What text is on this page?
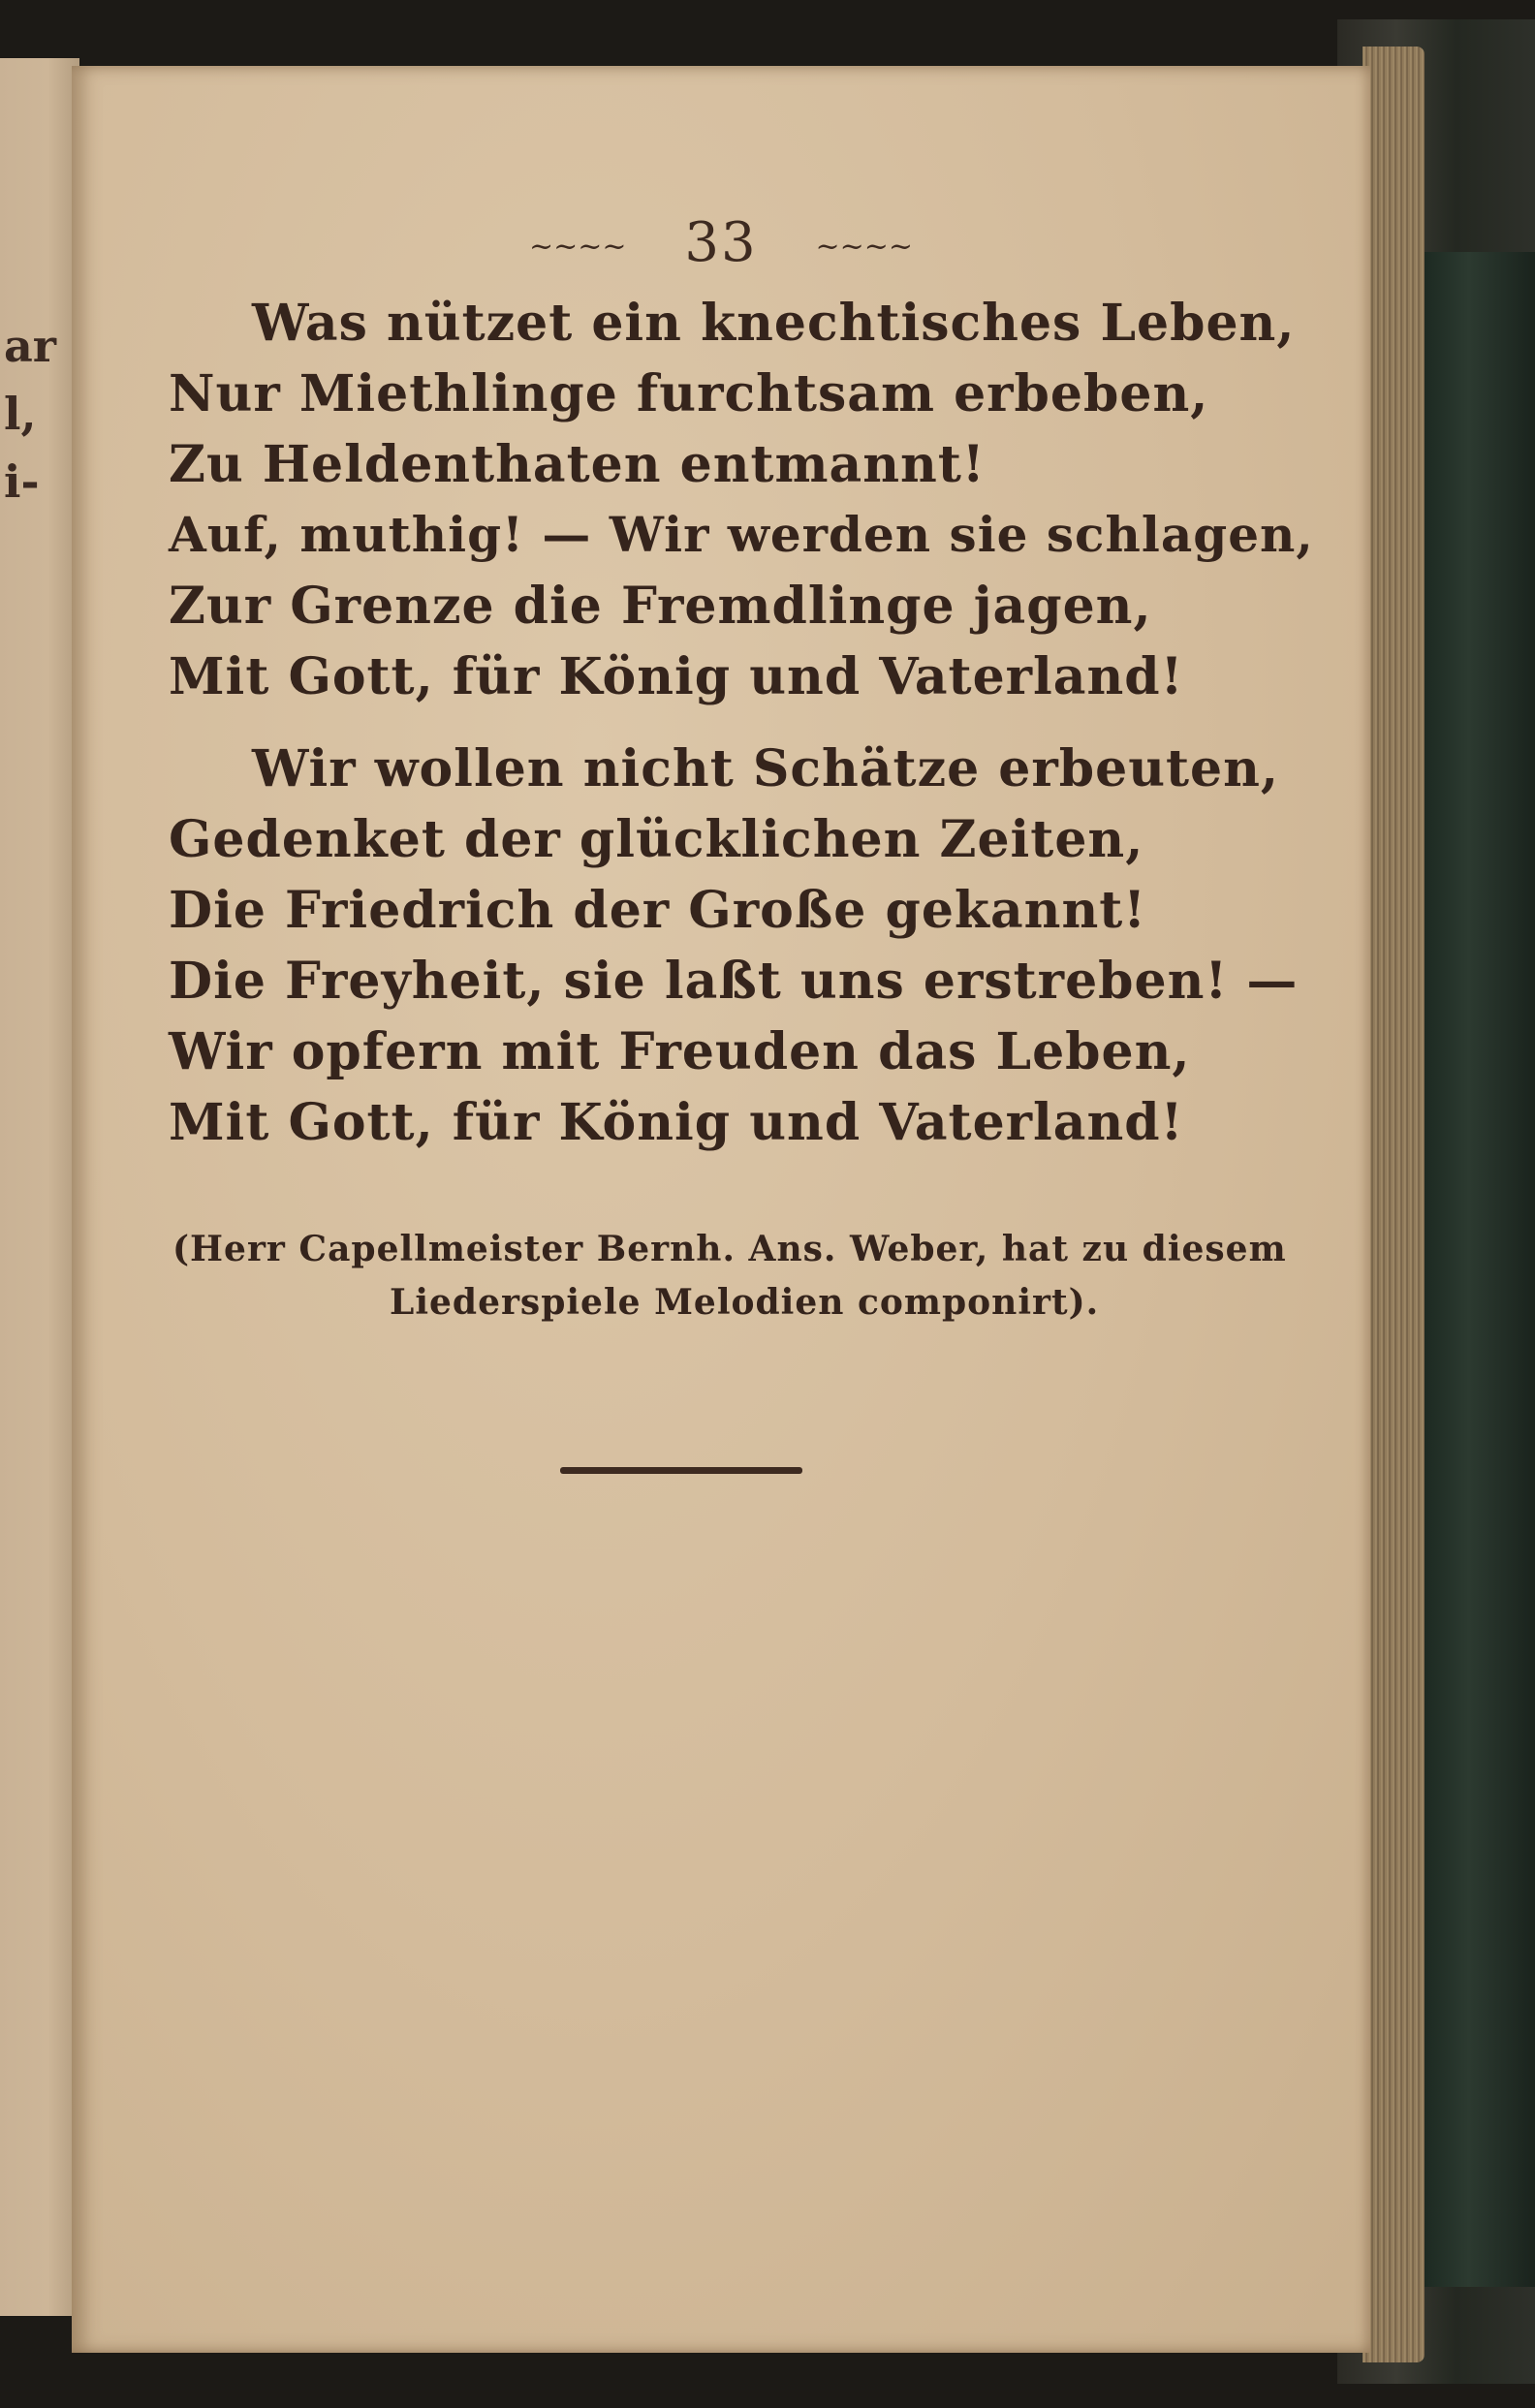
ar
l,
i-
~~~~ 33 ~~~~
Was nützet ein knechtisches Leben,
Nur Miethlinge furchtsam erbeben,
Zu Heldenthaten entmannt!
Auf, muthig! — Wir werden sie schlagen,
Zur Grenze die Fremdlinge jagen,
Mit Gott, für König und Vaterland!
Wir wollen nicht Schätze erbeuten,
Gedenket der glücklichen Zeiten,
Die Friedrich der Große gekannt!
Die Freyheit, sie laßt uns erstreben! —
Wir opfern mit Freuden das Leben,
Mit Gott, für König und Vaterland!
(Herr Capellmeister Bernh. Ans. Weber, hat zu diesem
Liederspiele Melodien componirt).
